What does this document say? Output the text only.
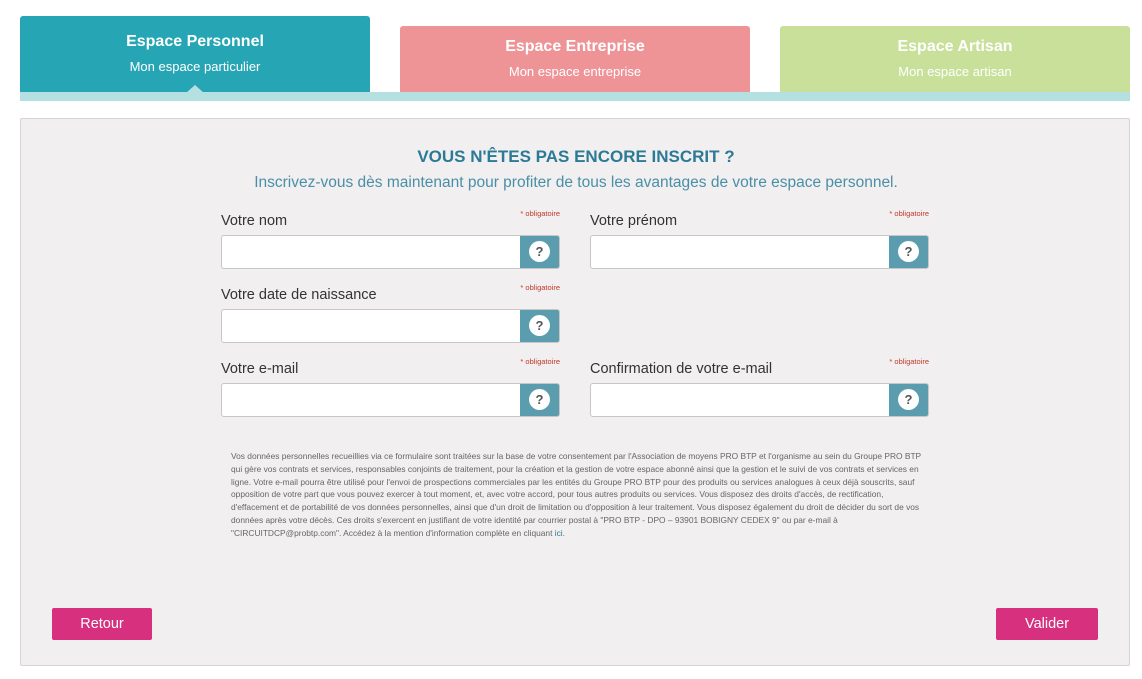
Espace Personnel
Mon espace particulier
Espace Entreprise
Mon espace entreprise
Espace Artisan
Mon espace artisan
VOUS N'ÊTES PAS ENCORE INSCRIT ?
Inscrivez-vous dès maintenant pour profiter de tous les avantages de votre espace personnel.
Votre nom	* obligatoire
?
Votre prénom	* obligatoire
?
Votre date de naissance	* obligatoire
?
Votre e-mail	* obligatoire
?
Confirmation de votre e-mail	* obligatoire
?

Vos données personnelles recueillies via ce formulaire sont traitées sur la base de votre consentement par l'Association de moyens PRO BTP et l'organisme au sein du Groupe PRO BTP qui gère vos contrats et services, responsables conjoints de traitement, pour la création et la gestion de votre espace abonné ainsi que la gestion et le suivi de vos contrats et services en ligne. Votre e-mail pourra être utilisé pour l'envoi de prospections commerciales par les entités du Groupe PRO BTP pour des produits ou services analogues à ceux déjà souscrits, sauf opposition de votre part que vous pouvez exercer à tout moment, et, avec votre accord, pour tous autres produits ou services. Vous disposez des droits d'accès, de rectification, d'effacement et de portabilité de vos données personnelles, ainsi que d'un droit de limitation ou d'opposition à leur traitement. Vous disposez également du droit de décider du sort de vos données après votre décès. Ces droits s'exercent en justifiant de votre identité par courrier postal à "PRO BTP - DPO – 93901 BOBIGNY CEDEX 9" ou par e-mail à "CIRCUITDCP@probtp.com". Accédez à la mention d'information complète en cliquant ici.

Retour	Valider
